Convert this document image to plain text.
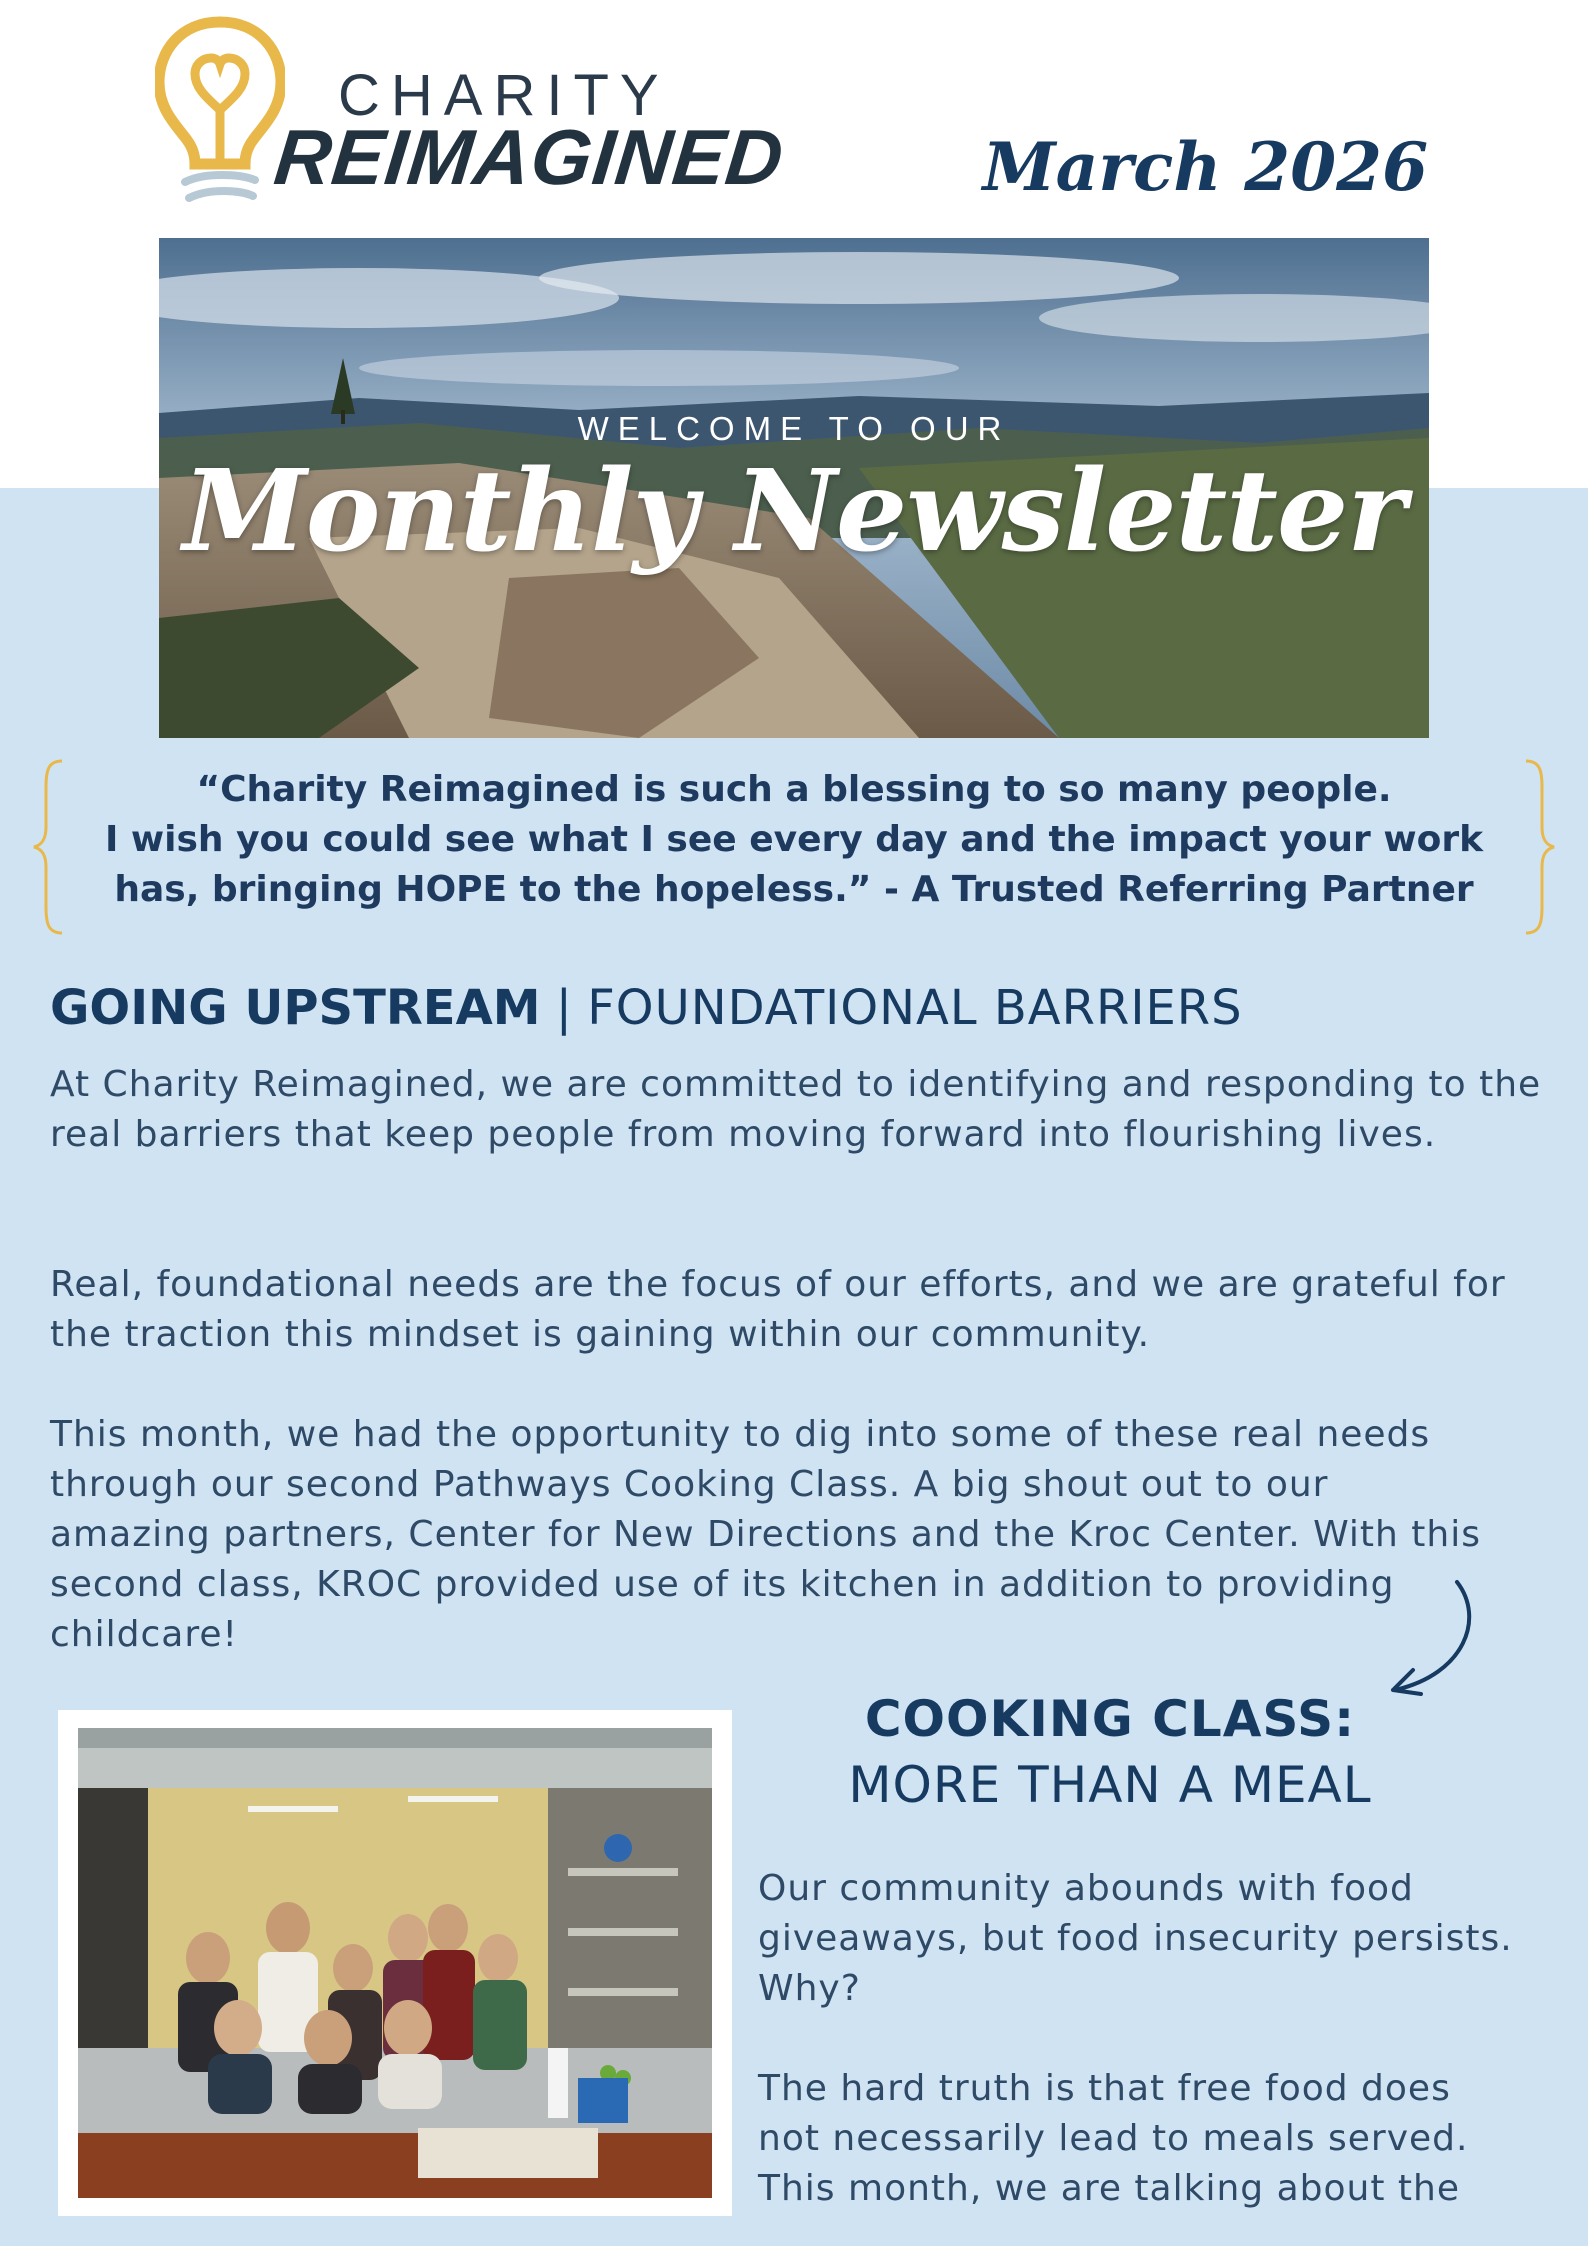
CHARITY
REIMAGINED	March 2026
WELCOME TO OUR
Monthly Newsletter
“Charity Reimagined is such a blessing to so many people.
I wish you could see what I see every day and the impact your work
has, bringing HOPE to the hopeless.” - A Trusted Referring Partner
GOING UPSTREAM | FOUNDATIONAL BARRIERS
At Charity Reimagined, we are committed to identifying and responding to the real barriers that keep people from moving forward into flourishing lives.
Real, foundational needs are the focus of our efforts, and we are grateful for the traction this mindset is gaining within our community.
This month, we had the opportunity to dig into some of these real needs through our second Pathways Cooking Class. A big shout out to our amazing partners, Center for New Directions and the Kroc Center. With this second class, KROC provided use of its kitchen in addition to providing childcare!
COOKING CLASS:
MORE THAN A MEAL
Our community abounds with food giveaways, but food insecurity persists. Why?
The hard truth is that free food does not necessarily lead to meals served. This month, we are talking about the
